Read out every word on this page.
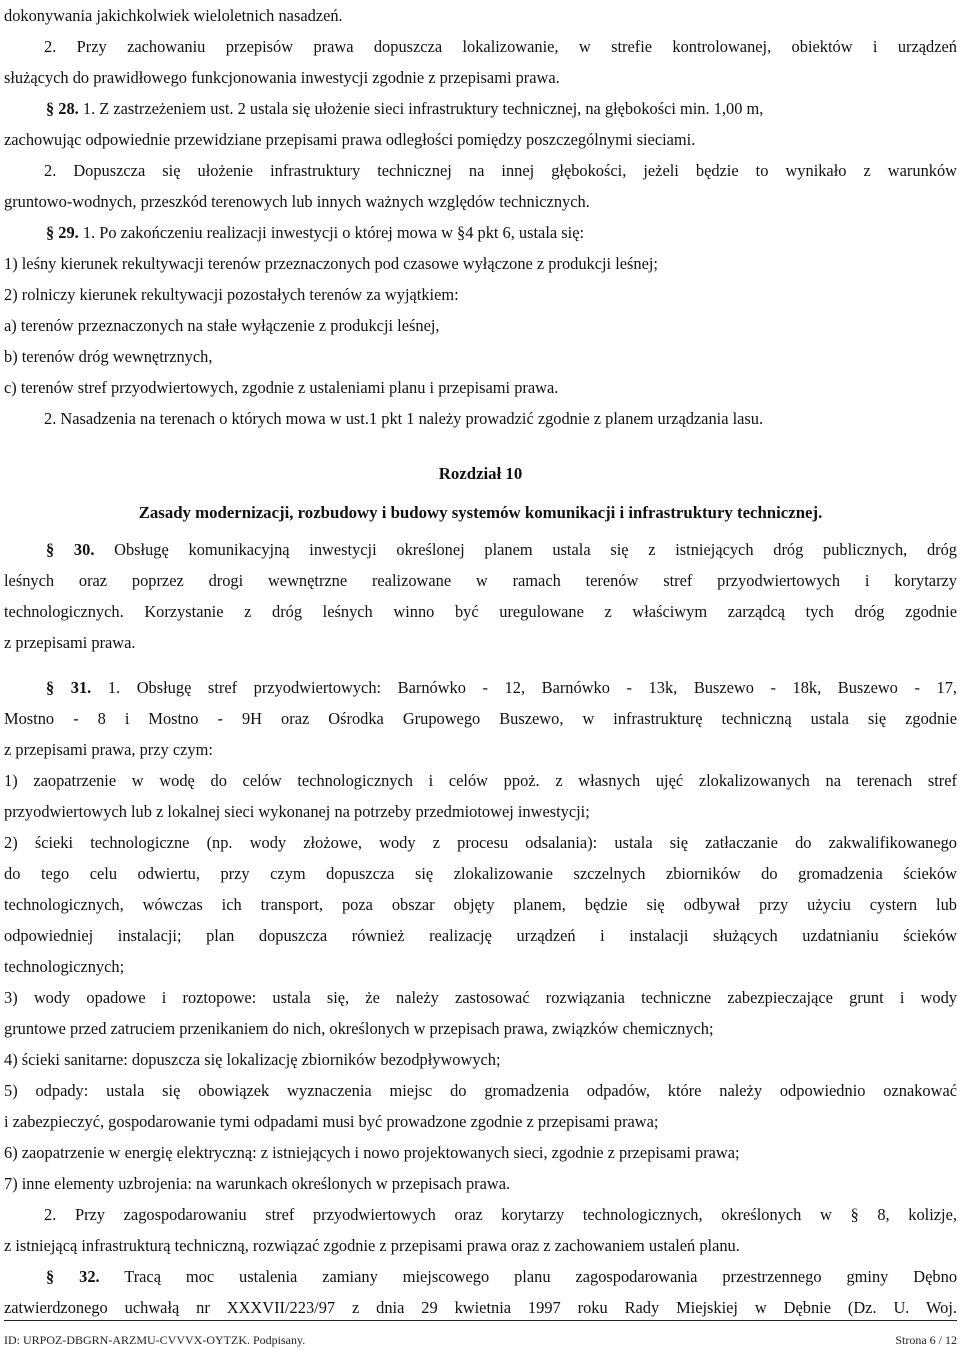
dokonywania jakichkolwiek wieloletnich nasadzeń.
2. Przy zachowaniu przepisów prawa dopuszcza lokalizowanie, w strefie kontrolowanej, obiektów i urządzeń
służących do prawidłowego funkcjonowania inwestycji zgodnie z przepisami prawa.
§ 28. 1. Z zastrzeżeniem ust. 2 ustala się ułożenie sieci infrastruktury technicznej, na głębokości min. 1,00 m,
zachowując odpowiednie przewidziane przepisami prawa odległości pomiędzy poszczególnymi sieciami.
2. Dopuszcza się ułożenie infrastruktury technicznej na innej głębokości, jeżeli będzie to wynikało z warunków
gruntowo-wodnych, przeszkód terenowych lub innych ważnych względów technicznych.
§ 29. 1. Po zakończeniu realizacji inwestycji o której mowa w §4 pkt 6, ustala się:
1) leśny kierunek rekultywacji terenów przeznaczonych pod czasowe wyłączone z produkcji leśnej;
2) rolniczy kierunek rekultywacji pozostałych terenów za wyjątkiem:
a) terenów przeznaczonych na stałe wyłączenie z produkcji leśnej,
b) terenów dróg wewnętrznych,
c) terenów stref przyodwiertowych, zgodnie z ustaleniami planu i przepisami prawa.
2. Nasadzenia na terenach o których mowa w ust.1 pkt 1 należy prowadzić zgodnie z planem urządzania lasu.
Rozdział 10
Zasady modernizacji, rozbudowy i budowy systemów komunikacji i infrastruktury technicznej.
§ 30. Obsługę komunikacyjną inwestycji określonej planem ustala się z istniejących dróg publicznych, dróg
leśnych oraz poprzez drogi wewnętrzne realizowane w ramach terenów stref przyodwiertowych i korytarzy
technologicznych. Korzystanie z dróg leśnych winno być uregulowane z właściwym zarządcą tych dróg zgodnie
z przepisami prawa.
§ 31. 1. Obsługę stref przyodwiertowych: Barnówko - 12, Barnówko - 13k, Buszewo - 18k, Buszewo - 17,
Mostno - 8 i Mostno - 9H oraz Ośrodka Grupowego Buszewo, w infrastrukturę techniczną ustala się zgodnie
z przepisami prawa, przy czym:
1) zaopatrzenie w wodę do celów technologicznych i celów ppoż. z własnych ujęć zlokalizowanych na terenach stref
przyodwiertowych lub z lokalnej sieci wykonanej na potrzeby przedmiotowej inwestycji;
2) ścieki technologiczne (np. wody złożowe, wody z procesu odsalania): ustala się zatłaczanie do zakwalifikowanego
do tego celu odwiertu, przy czym dopuszcza się zlokalizowanie szczelnych zbiorników do gromadzenia ścieków
technologicznych, wówczas ich transport, poza obszar objęty planem, będzie się odbywał przy użyciu cystern lub
odpowiedniej instalacji; plan dopuszcza również realizację urządzeń i instalacji służących uzdatnianiu ścieków
technologicznych;
3) wody opadowe i roztopowe: ustala się, że należy zastosować rozwiązania techniczne zabezpieczające grunt i wody
gruntowe przed zatruciem przenikaniem do nich, określonych w przepisach prawa, związków chemicznych;
4) ścieki sanitarne: dopuszcza się lokalizację zbiorników bezodpływowych;
5) odpady: ustala się obowiązek wyznaczenia miejsc do gromadzenia odpadów, które należy odpowiednio oznakować
i zabezpieczyć, gospodarowanie tymi odpadami musi być prowadzone zgodnie z przepisami prawa;
6) zaopatrzenie w energię elektryczną: z istniejących i nowo projektowanych sieci, zgodnie z przepisami prawa;
7) inne elementy uzbrojenia: na warunkach określonych w przepisach prawa.
2. Przy zagospodarowaniu stref przyodwiertowych oraz korytarzy technologicznych, określonych w § 8, kolizje,
z istniejącą infrastrukturą techniczną, rozwiązać zgodnie z przepisami prawa oraz z zachowaniem ustaleń planu.
§ 32. Tracą moc ustalenia zamiany miejscowego planu zagospodarowania przestrzennego gminy Dębno
zatwierdzonego uchwałą nr XXXVII/223/97 z dnia 29 kwietnia 1997 roku Rady Miejskiej w Dębnie (Dz. U. Woj.
ID: URPOZ-DBGRN-ARZMU-CVVVX-OYTZK. Podpisany.	Strona 6 / 12
